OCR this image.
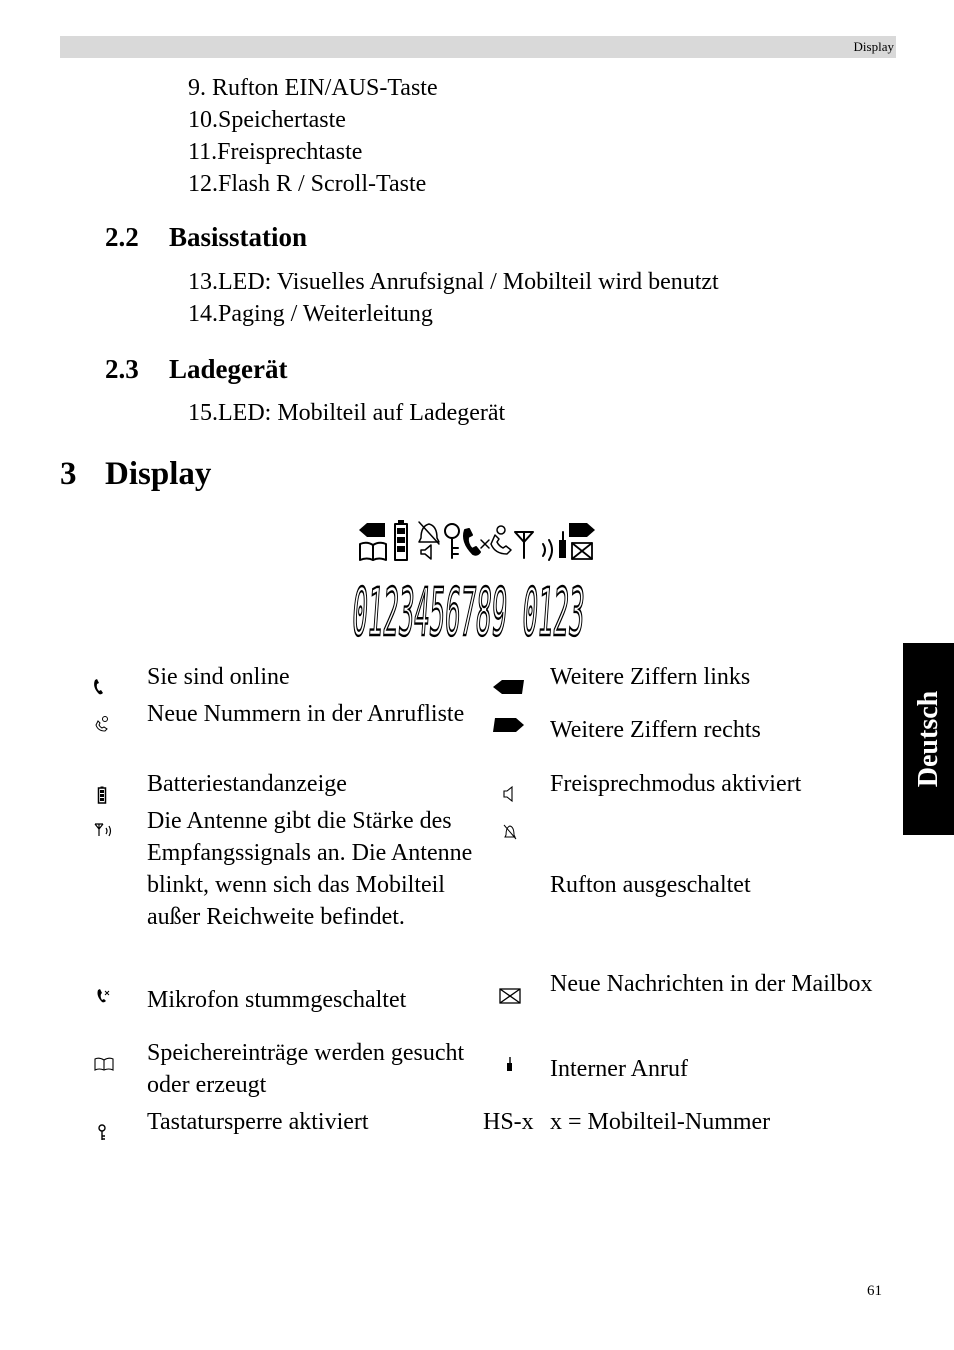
Display
9. Rufton EIN/AUS-Taste
10.Speichertaste
11.Freisprechtaste
12.Flash R / Scroll-Taste
2.2 Basisstation
13.LED: Visuelles Anrufsignal / Mobilteil wird benutzt
14.Paging / Weiterleitung
2.3 Ladegerät
15.LED: Mobilteil auf Ladegerät
3 Display
0123456789 0123
Deutsch
Sie sind online
Neue Nummern in der Anrufliste
Batteriestandanzeige
Die Antenne gibt die Stärke des Empfangssignals an. Die Antenne blinkt, wenn sich das Mobilteil außer Reichweite befindet.
Mikrofon stummgeschaltet
Speichereinträge werden gesucht oder erzeugt
Tastatursperre aktiviert
Weitere Ziffern links
Weitere Ziffern rechts
Freisprechmodus aktiviert
Rufton ausgeschaltet
Neue Nachrichten in der Mailbox
Interner Anruf
HS-x x = Mobilteil-Nummer
61
